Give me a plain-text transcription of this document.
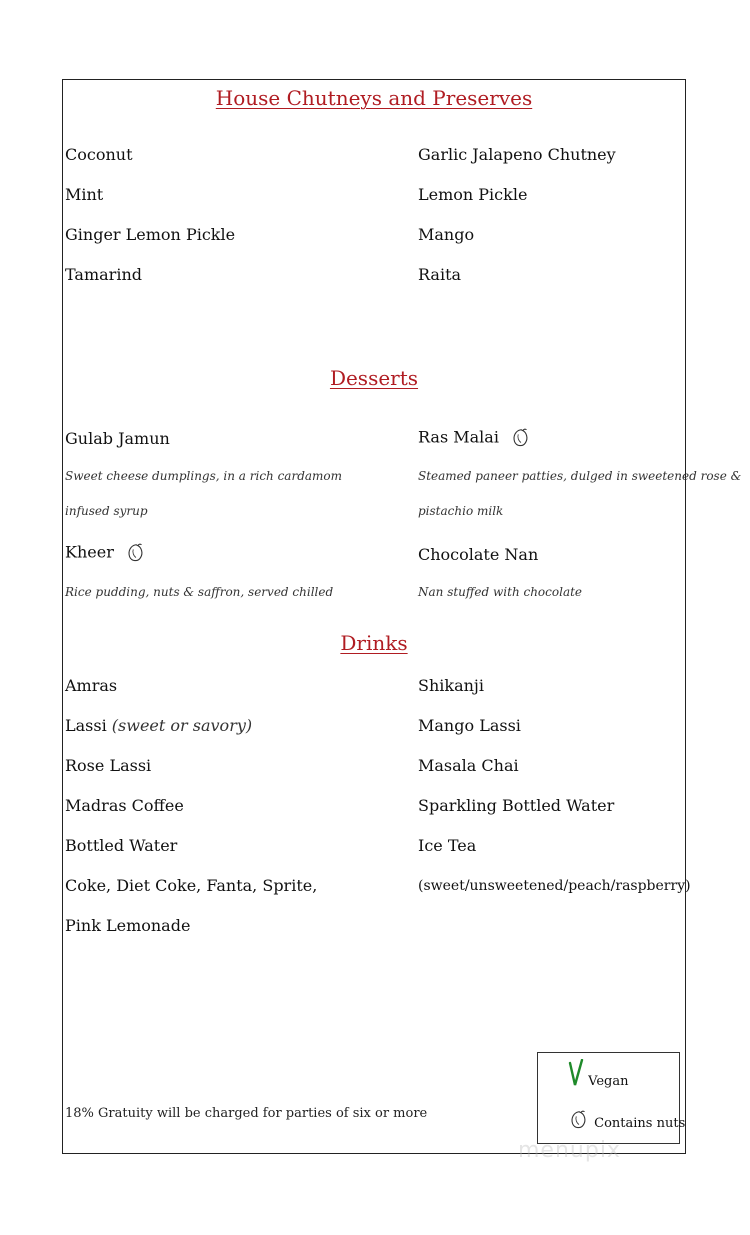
House Chutneys and Preserves
Coconut
Mint
Ginger Lemon Pickle
Tamarind
Garlic Jalapeno Chutney
Lemon Pickle
Mango
Raita
Desserts
Gulab Jamun
Sweet cheese dumplings, in a rich cardamom
infused syrup
Ras Malai
Steamed paneer patties, dulged in sweetened rose &
pistachio milk
Kheer
Rice pudding, nuts & saffron, served chilled
Chocolate Nan
Nan stuffed with chocolate
Drinks
Amras
Lassi (sweet or savory)
Rose Lassi
Madras Coffee
Bottled Water
Coke, Diet Coke, Fanta, Sprite,
Pink Lemonade
Shikanji
Mango Lassi
Masala Chai
Sparkling Bottled Water
Ice Tea
(sweet/unsweetened/peach/raspberry)
18% Gratuity will be charged for parties of six or more
Vegan
Contains nuts
menupix
